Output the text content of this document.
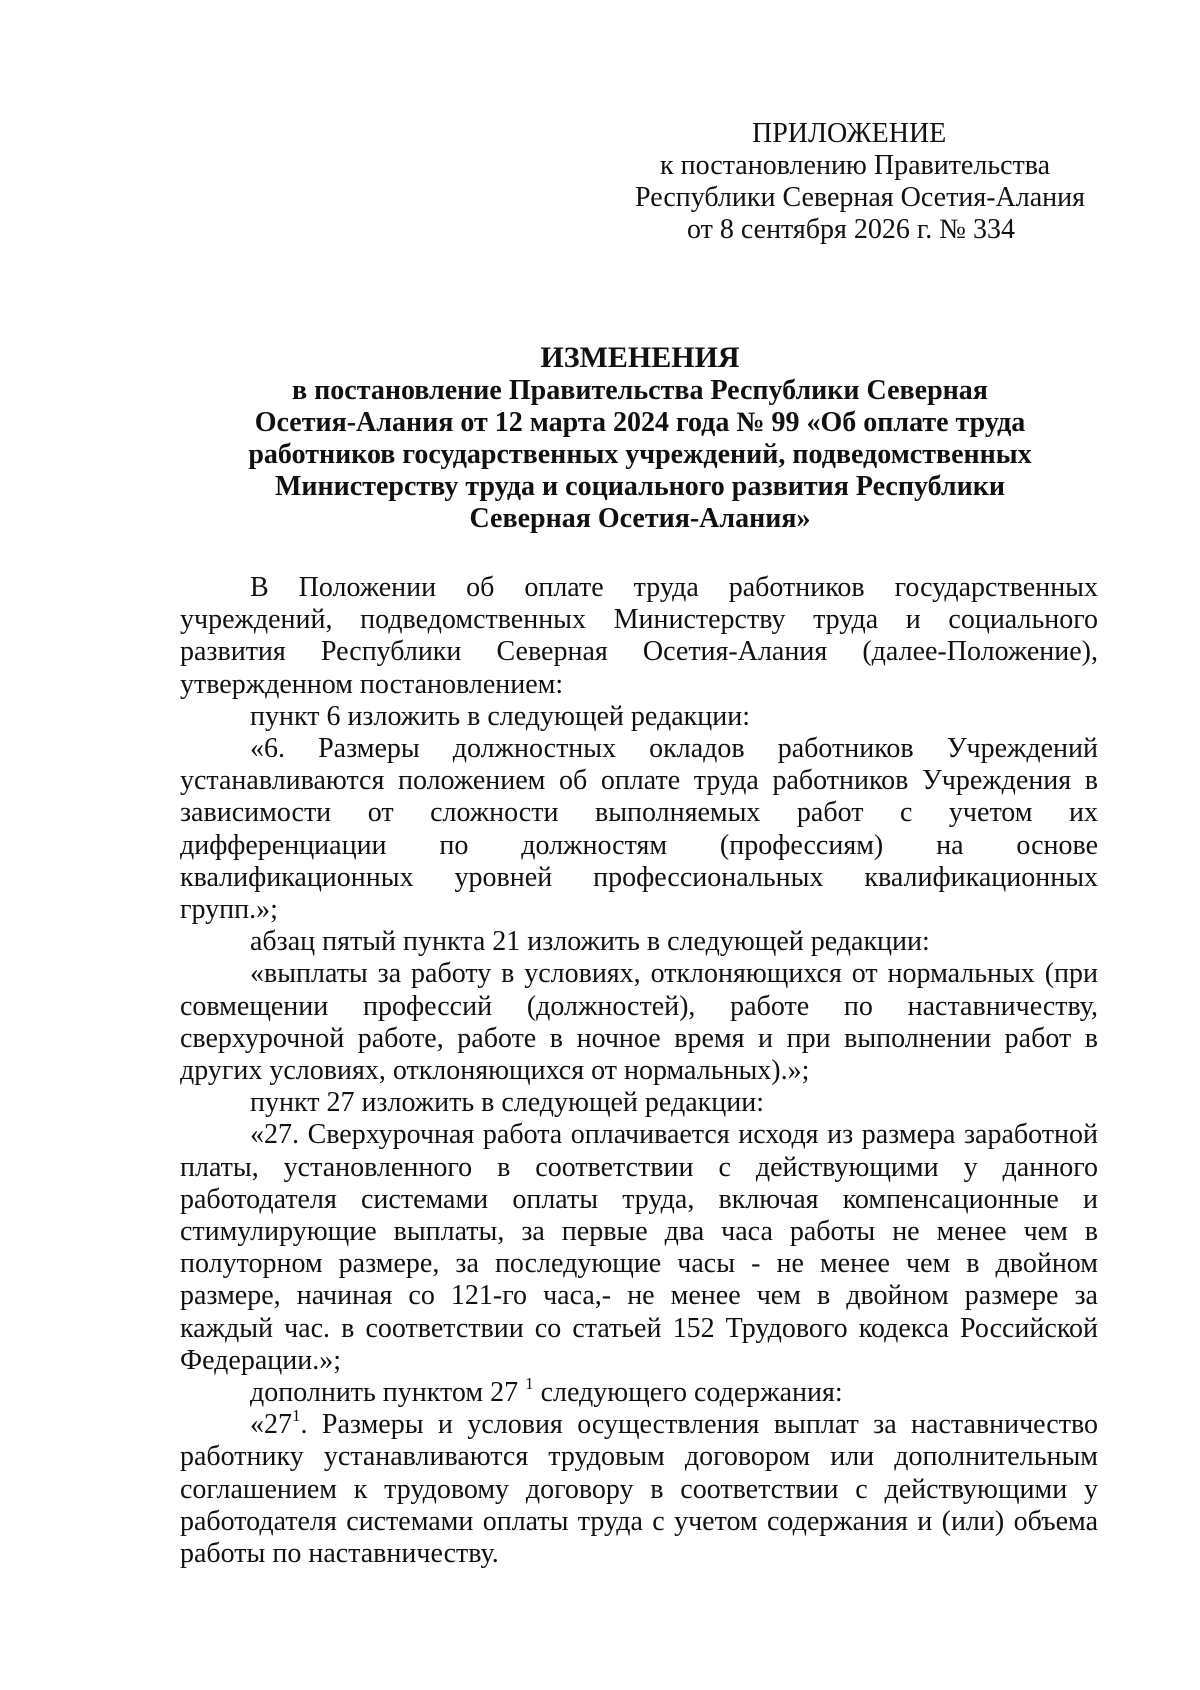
ПРИЛОЖЕНИЕ
к постановлению Правительства
Республики Северная Осетия-Алания
от 8 сентября 2026 г. № 334
ИЗМЕНЕНИЯ
в постановление Правительства Республики Северная
Осетия-Алания от 12 марта 2024 года № 99 «Об оплате труда
работников государственных учреждений, подведомственных
Министерству труда и социального развития Республики
Северная Осетия-Алания»

В Положении об оплате труда работников государственных учреждений, подведомственных Министерству труда и социального развития Республики Северная Осетия-Алания (далее-Положение), утвержденном постановлением:

пункт 6 изложить в следующей редакции:

«6. Размеры должностных окладов работников Учреждений устанавливаются положением об оплате труда работников Учреждения в зависимости от сложности выполняемых работ с учетом их дифференциации по должностям (профессиям) на основе квалификационных уровней профессиональных квалификационных групп.»;

абзац пятый пункта 21 изложить в следующей редакции:

«выплаты за работу в условиях, отклоняющихся от нормальных (при совмещении профессий (должностей), работе по наставничеству, сверхурочной работе, работе в ночное время и при выполнении работ в других условиях, отклоняющихся от нормальных).»;

пункт 27 изложить в следующей редакции:

«27. Сверхурочная работа оплачивается исходя из размера заработной платы, установленного в соответствии с действующими у данного работодателя системами оплаты труда, включая компенсационные и стимулирующие выплаты, за первые два часа работы не менее чем в полуторном размере, за последующие часы - не менее чем в двойном размере, начиная со 121-го часа,- не менее чем в двойном размере за каждый час. в соответствии со статьей 152 Трудового кодекса Российской Федерации.»;

дополнить пунктом 27 $^1$ следующего содержания:

«$27^1$. Размеры и условия осуществления выплат за наставничество работнику устанавливаются трудовым договором или дополнительным соглашением к трудовому договору в соответствии с действующими у работодателя системами оплаты труда с учетом содержания и (или) объема работы по наставничеству.
